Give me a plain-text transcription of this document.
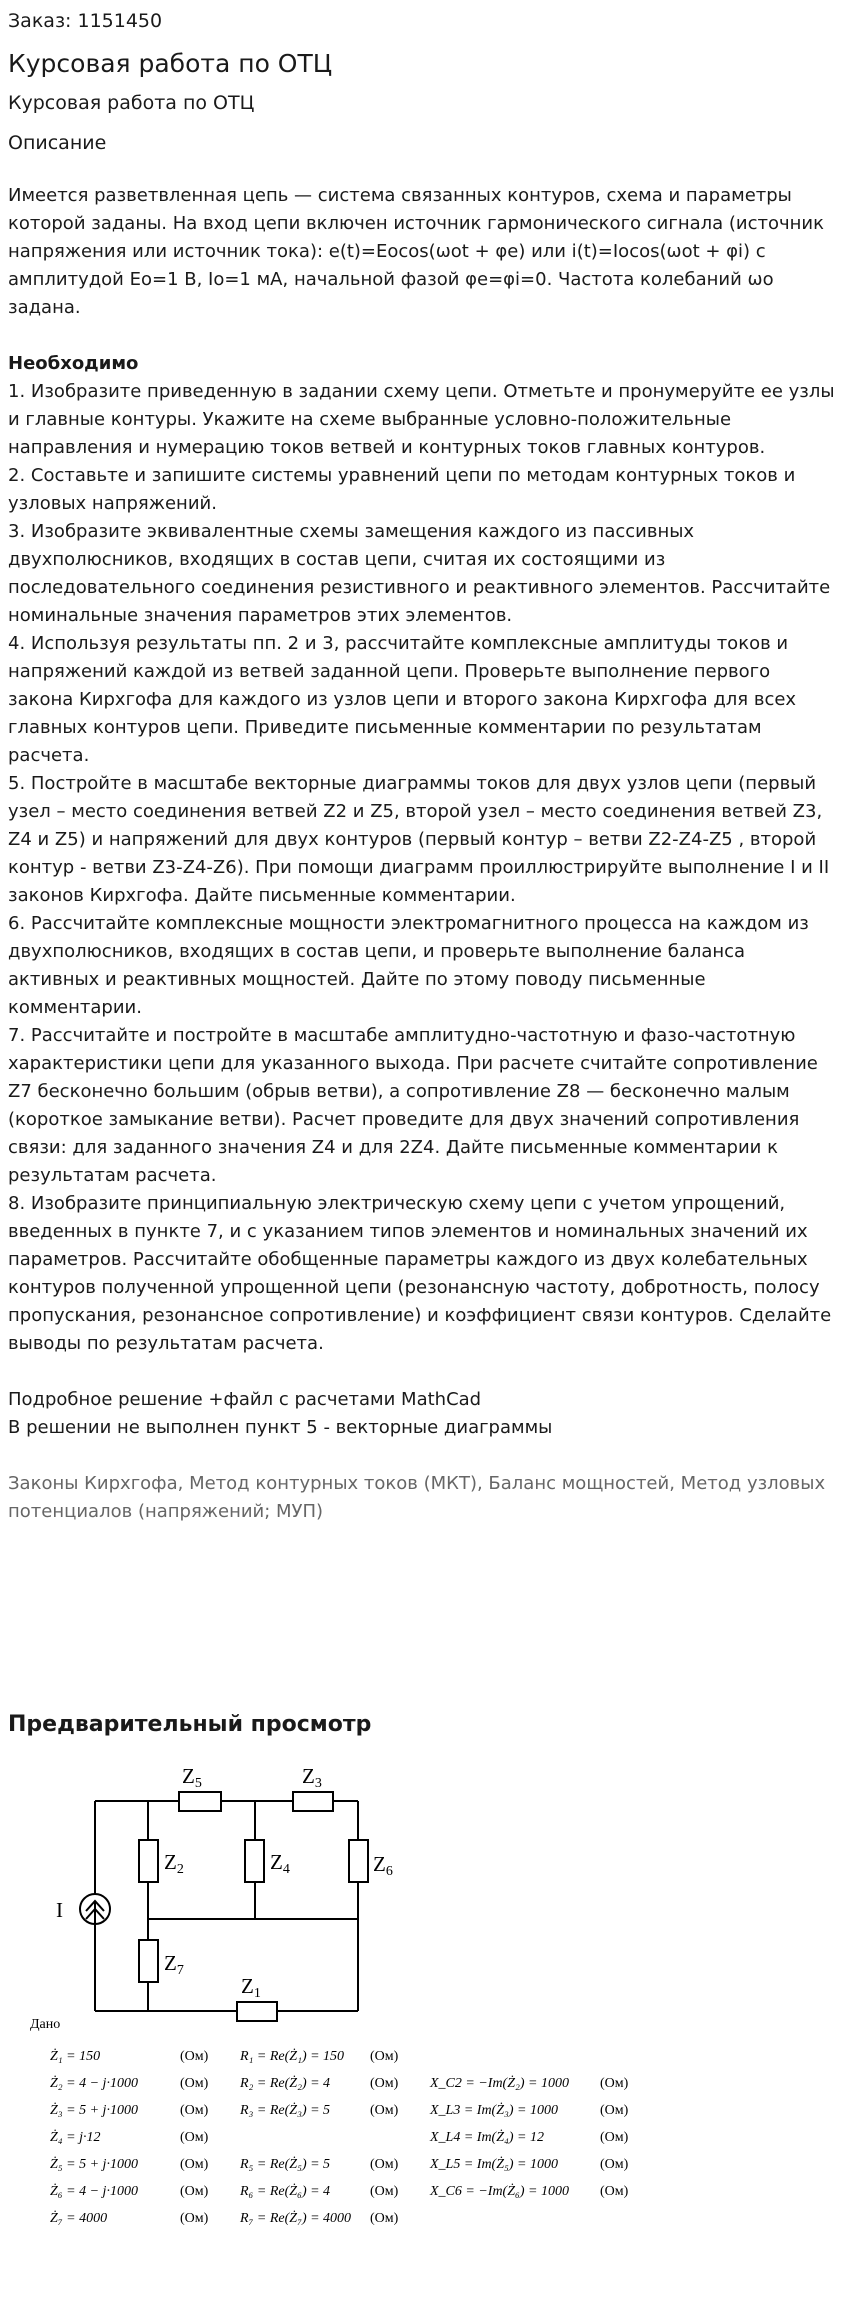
Заказ: 1151450
Курсовая работа по ОТЦ
Курсовая работа по ОТЦ
Описание

Имеется разветвленная цепь — система связанных контуров, схема и параметры которой заданы. На вход цепи включен источник гармонического сигнала (источник напряжения или источник тока): e(t)=Eocos(ωot + φe) или i(t)=Iocos(ωot + φi) с амплитудой Eo=1 В, Io=1 мА, начальной фазой φe=φi=0. Частота колебаний ωo задана.

Необходимо

1. Изобразите приведенную в задании схему цепи. Отметьте и пронумеруйте ее узлы и главные контуры. Укажите на схеме выбранные условно-положительные направления и нумерацию токов ветвей и контурных токов главных контуров.

2. Составьте и запишите системы уравнений цепи по методам контурных токов и узловых напряжений.

3. Изобразите эквивалентные схемы замещения каждого из пассивных двухполюсников, входящих в состав цепи, считая их состоящими из последовательного соединения резистивного и реактивного элементов. Рассчитайте номинальные значения параметров этих элементов.

4. Используя результаты пп. 2 и 3, рассчитайте комплексные амплитуды токов и напряжений каждой из ветвей заданной цепи. Проверьте выполнение первого закона Кирхгофа для каждого из узлов цепи и второго закона Кирхгофа для всех главных контуров цепи. Приведите письменные комментарии по результатам расчета.

5. Постройте в масштабе векторные диаграммы токов для двух узлов цепи (первый узел – место соединения ветвей Z2 и Z5, второй узел – место соединения ветвей Z3, Z4 и Z5) и напряжений для двух контуров (первый контур – ветви Z2-Z4-Z5 , второй контур - ветви Z3-Z4-Z6). При помощи диаграмм проиллюстрируйте выполнение I и II законов Кирхгофа. Дайте письменные комментарии.

6. Рассчитайте комплексные мощности электромагнитного процесса на каждом из двухполюсников, входящих в состав цепи, и проверьте выполнение баланса активных и реактивных мощностей. Дайте по этому поводу письменные комментарии.

7. Рассчитайте и постройте в масштабе амплитудно-частотную и фазо-частотную характеристики цепи для указанного выхода. При расчете считайте сопротивление Z7 бесконечно большим (обрыв ветви), а сопротивление Z8 — бесконечно малым (короткое замыкание ветви). Расчет проведите для двух значений сопротивления связи: для заданного значения Z4 и для 2Z4. Дайте письменные комментарии к результатам расчета.

8. Изобразите принципиальную электрическую схему цепи с учетом упрощений, введенных в пункте 7, и с указанием типов элементов и номинальных значений их параметров. Рассчитайте обобщенные параметры каждого из двух колебательных контуров полученной упрощенной цепи (резонансную частоту, добротность, полосу пропускания, резонансное сопротивление) и коэффициент связи контуров. Сделайте выводы по результатам расчета.

Подробное решение +файл с расчетами MathCad

В решении не выполнен пункт 5 - векторные диаграммы

Законы Кирхгофа, Метод контурных токов (МКТ), Баланс мощностей, Метод узловых потенциалов (напряжений; МУП)

Предварительный просмотр
Z5	Z3
Z2	Z4	Z6
I
Z7
Z1
Дано
Ż₁ = 150	(Ом) R₁ = Re(Ż₁) = 150 (Ом)
Ż₂ = 4 − j·1000	(Ом) R₂ = Re(Ż₂) = 4	(Ом) X_C2 = −Im(Ż₂) = 1000 (Ом)
Ż₃ = 5 + j·1000	(Ом) R₃ = Re(Ż₃) = 5	(Ом) X_L3 = Im(Ż₃) = 1000	(Ом)
Ż₄ = j·12	(Ом)	X_L4 = Im(Ż₄) = 12	(Ом)
Ż₅ = 5 + j·1000	(Ом) R₅ = Re(Ż₅) = 5	(Ом) X_L5 = Im(Ż₅) = 1000	(Ом)
Ż₆ = 4 − j·1000	(Ом) R₆ = Re(Ż₆) = 4	(Ом) X_C6 = −Im(Ż₆) = 1000 (Ом)
Ż₇ = 4000	(Ом) R₇ = Re(Ż₇) = 4000 (Ом)
